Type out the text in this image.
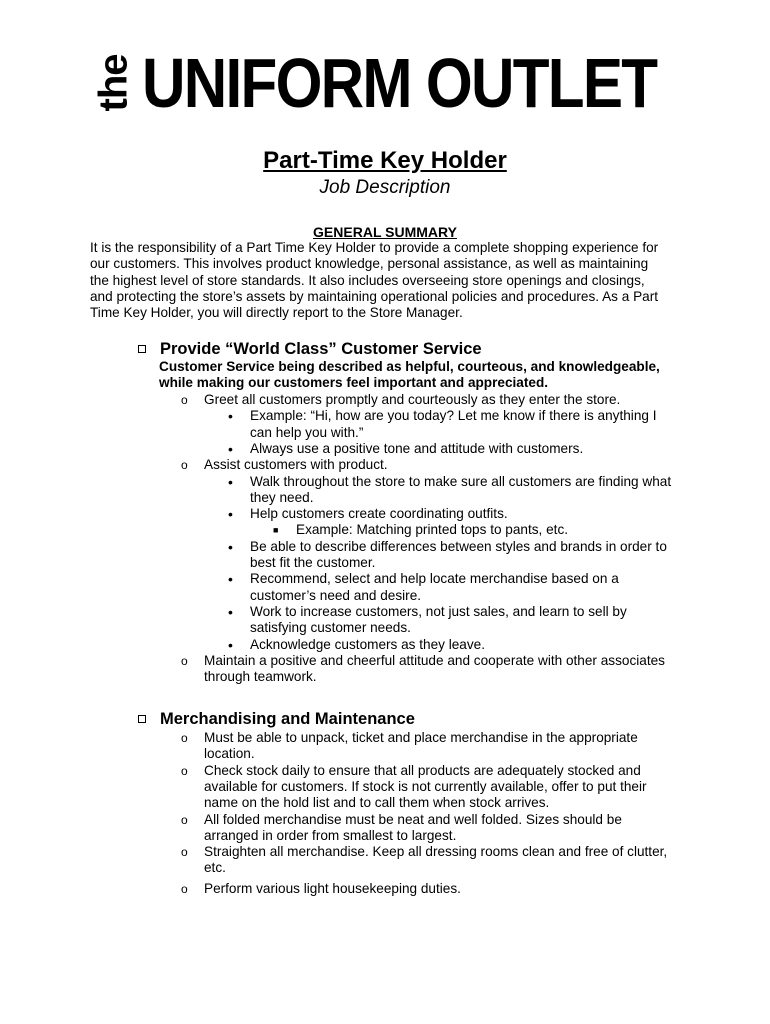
the UNIFORM OUTLET
Part-Time Key Holder
Job Description
GENERAL SUMMARY
It is the responsibility of a Part Time Key Holder to provide a complete shopping experience for
our customers. This involves product knowledge, personal assistance, as well as maintaining
the highest level of store standards. It also includes overseeing store openings and closings,
and protecting the store’s assets by maintaining operational policies and procedures. As a Part
Time Key Holder, you will directly report to the Store Manager.
Provide “World Class” Customer Service
Customer Service being described as helpful, courteous, and knowledgeable,
while making our customers feel important and appreciated.
o Greet all customers promptly and courteously as they enter the store.
• Example: “Hi, how are you today? Let me know if there is anything I
can help you with.”
• Always use a positive tone and attitude with customers.
o Assist customers with product.
• Walk throughout the store to make sure all customers are finding what
they need.
• Help customers create coordinating outfits.
■ Example: Matching printed tops to pants, etc.
• Be able to describe differences between styles and brands in order to
best fit the customer.
• Recommend, select and help locate merchandise based on a
customer’s need and desire.
• Work to increase customers, not just sales, and learn to sell by
satisfying customer needs.
• Acknowledge customers as they leave.
o Maintain a positive and cheerful attitude and cooperate with other associates
through teamwork.
Merchandising and Maintenance
o Must be able to unpack, ticket and place merchandise in the appropriate
location.
o Check stock daily to ensure that all products are adequately stocked and
available for customers. If stock is not currently available, offer to put their
name on the hold list and to call them when stock arrives.
o All folded merchandise must be neat and well folded. Sizes should be
arranged in order from smallest to largest.
o Straighten all merchandise. Keep all dressing rooms clean and free of clutter,
etc.
o Perform various light housekeeping duties.
